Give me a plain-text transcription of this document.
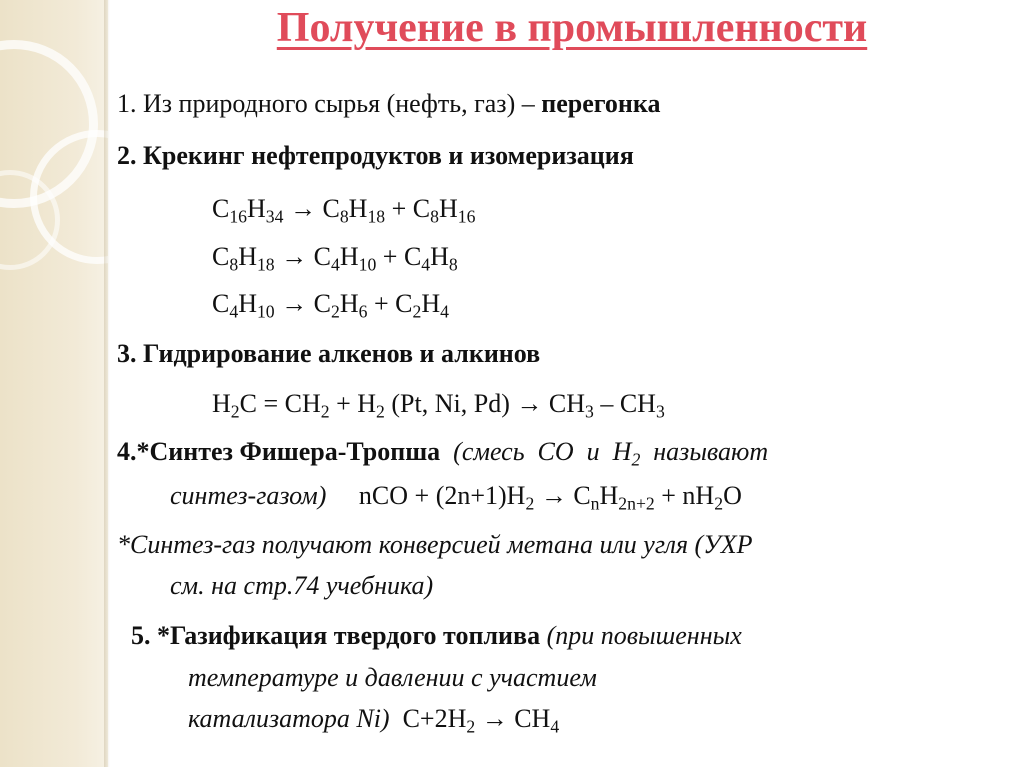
Получение в промышленности
1. Из природного сырья (нефть, газ) – перегонка
2. Крекинг нефтепродуктов и изомеризация
$C_{16}H_{34} \to C_8H_{18} + C_8H_{16}$
$C_8H_{18} \to C_4H_{10} + C_4H_8$
$C_4H_{10} \to C_2H_6 + C_2H_4$
3. Гидрирование алкенов и алкинов
$H_2C = CH_2 + H_2$ (Pt, Ni, $Pd) \to CH_3 - CH_3$
4.*Синтез Фишера-Тропша  (смесь  CO  и  $H_2$  называют
синтез-газом)     nCO + $(2n+1)H_2 \to C_nH_{2n+2} + nH_2O$
*Синтез-газ получают конверсией метана или угля (УХР
см. на стр.74 учебника)
5. *Газификация твердого топлива (при повышенных
температуре и давлении с участием
катализатора Ni)  $C+2H_2 \to CH_4$
